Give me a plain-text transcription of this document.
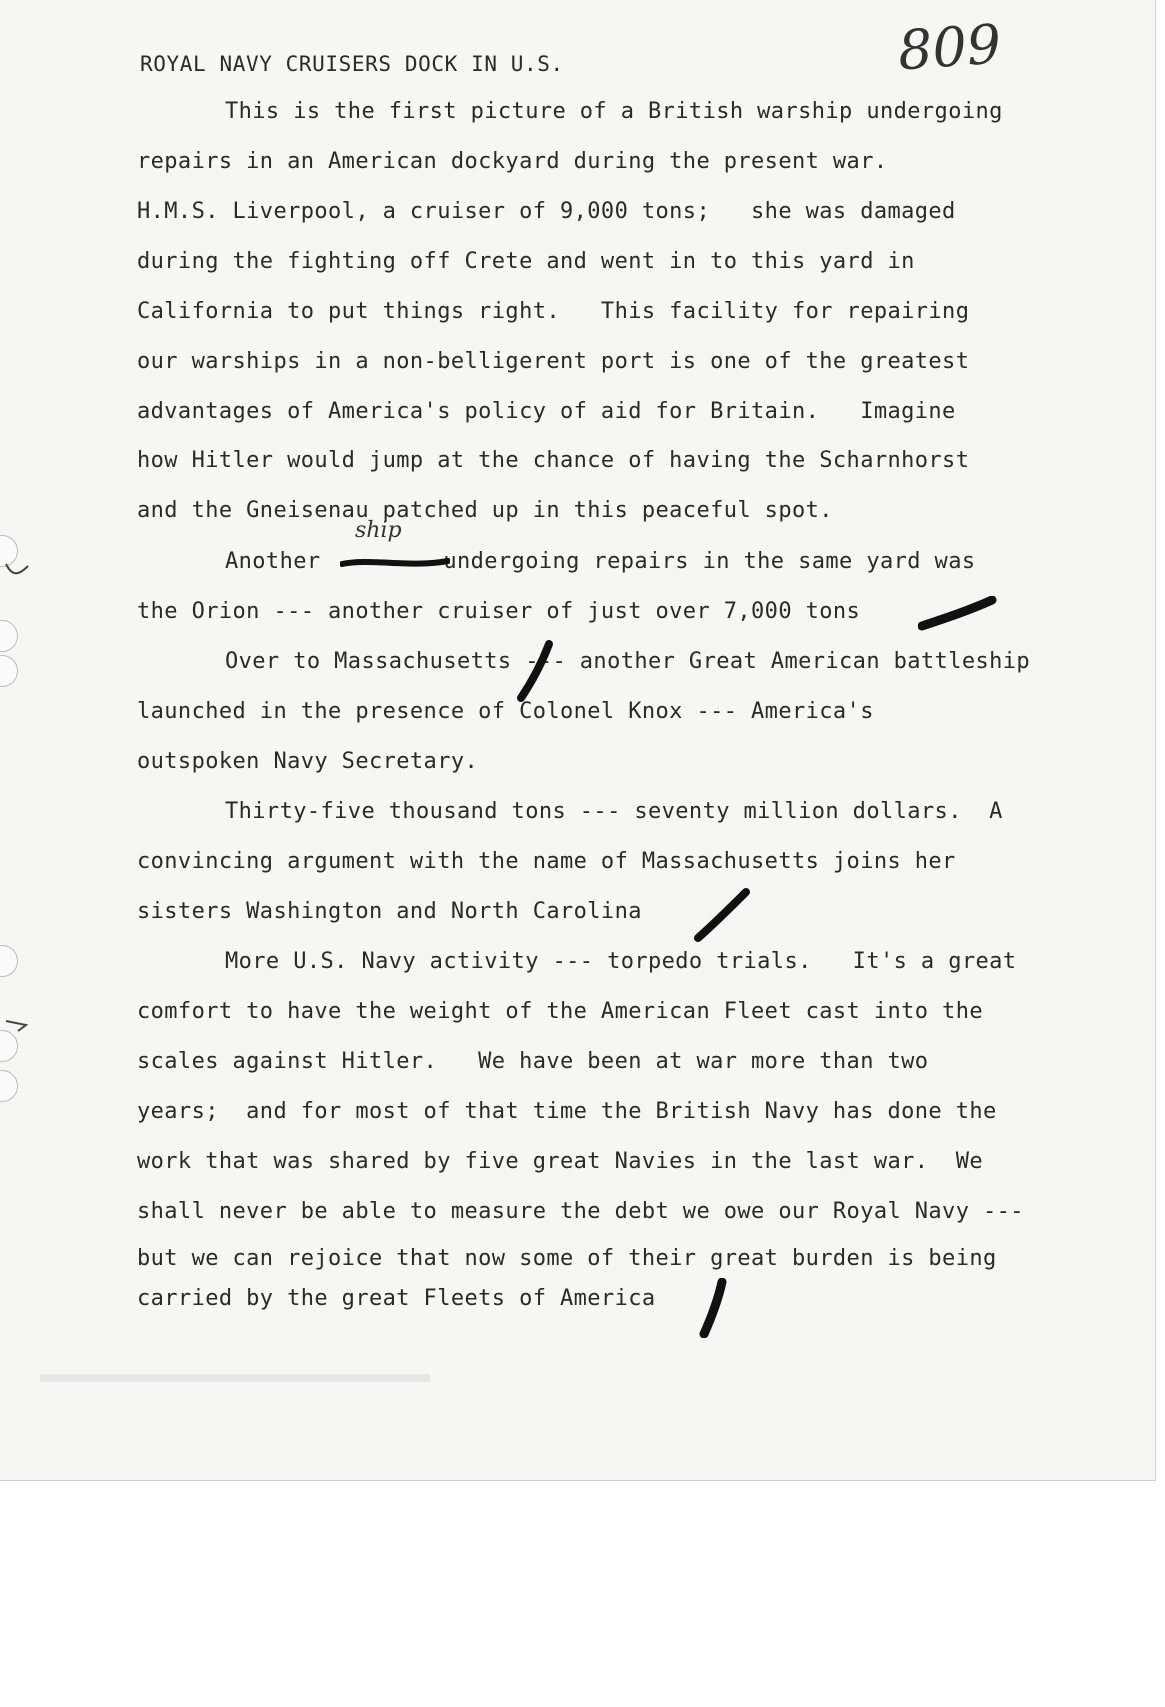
809
ROYAL NAVY CRUISERS DOCK IN U.S.
This is the first picture of a British warship undergoing
repairs in an American dockyard during the present war.
H.M.S. Liverpool, a cruiser of 9,000 tons;   she was damaged
during the fighting off Crete and went in to this yard in
California to put things right.   This facility for repairing
our warships in a non-belligerent port is one of the greatest
advantages of America's policy of aid for Britain.   Imagine
how Hitler would jump at the chance of having the Scharnhorst
and the Gneisenau patched up in this peaceful spot.
ship
Another         undergoing repairs in the same yard was
the Orion --- another cruiser of just over 7,000 tons
Over to Massachusetts --- another Great American battleship
launched in the presence of Colonel Knox --- America's
outspoken Navy Secretary.
Thirty-five thousand tons --- seventy million dollars.  A
convincing argument with the name of Massachusetts joins her
sisters Washington and North Carolina
More U.S. Navy activity --- torpedo trials.   It's a great
comfort to have the weight of the American Fleet cast into the
scales against Hitler.   We have been at war more than two
years;  and for most of that time the British Navy has done the
work that was shared by five great Navies in the last war.  We
shall never be able to measure the debt we owe our Royal Navy ---
but we can rejoice that now some of their great burden is being
carried by the great Fleets of America
